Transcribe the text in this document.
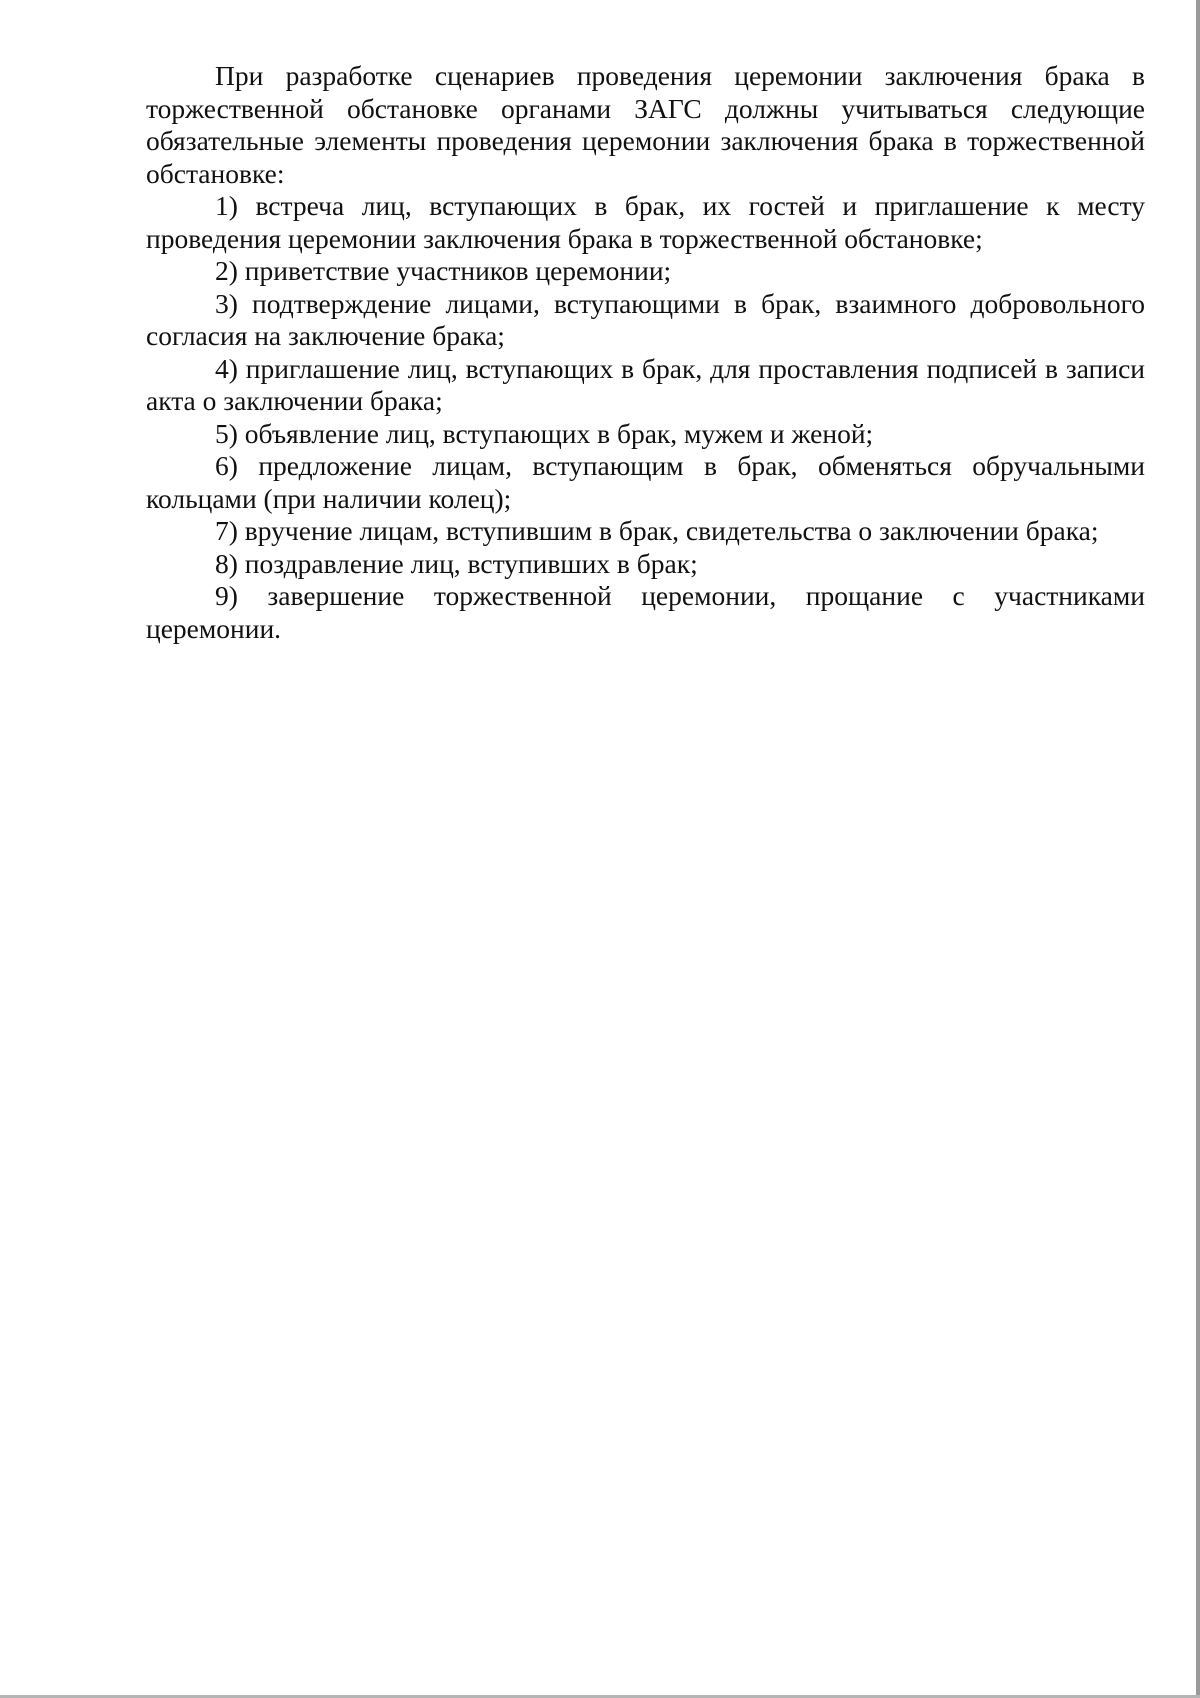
При разработке сценариев проведения церемонии заключения брака в торжественной обстановке органами ЗАГС должны учитываться следующие обязательные элементы проведения церемонии заключения брака в торжественной обстановке:

1) встреча лиц, вступающих в брак, их гостей и приглашение к месту проведения церемонии заключения брака в торжественной обстановке;

2) приветствие участников церемонии;

3) подтверждение лицами, вступающими в брак, взаимного добровольного согласия на заключение брака;

4) приглашение лиц, вступающих в брак, для проставления подписей в записи акта о заключении брака;

5) объявление лиц, вступающих в брак, мужем и женой;

6) предложение лицам, вступающим в брак, обменяться обручальными кольцами (при наличии колец);

7) вручение лицам, вступившим в брак, свидетельства о заключении брака;

8) поздравление лиц, вступивших в брак;

9) завершение торжественной церемонии, прощание с участниками церемонии.
